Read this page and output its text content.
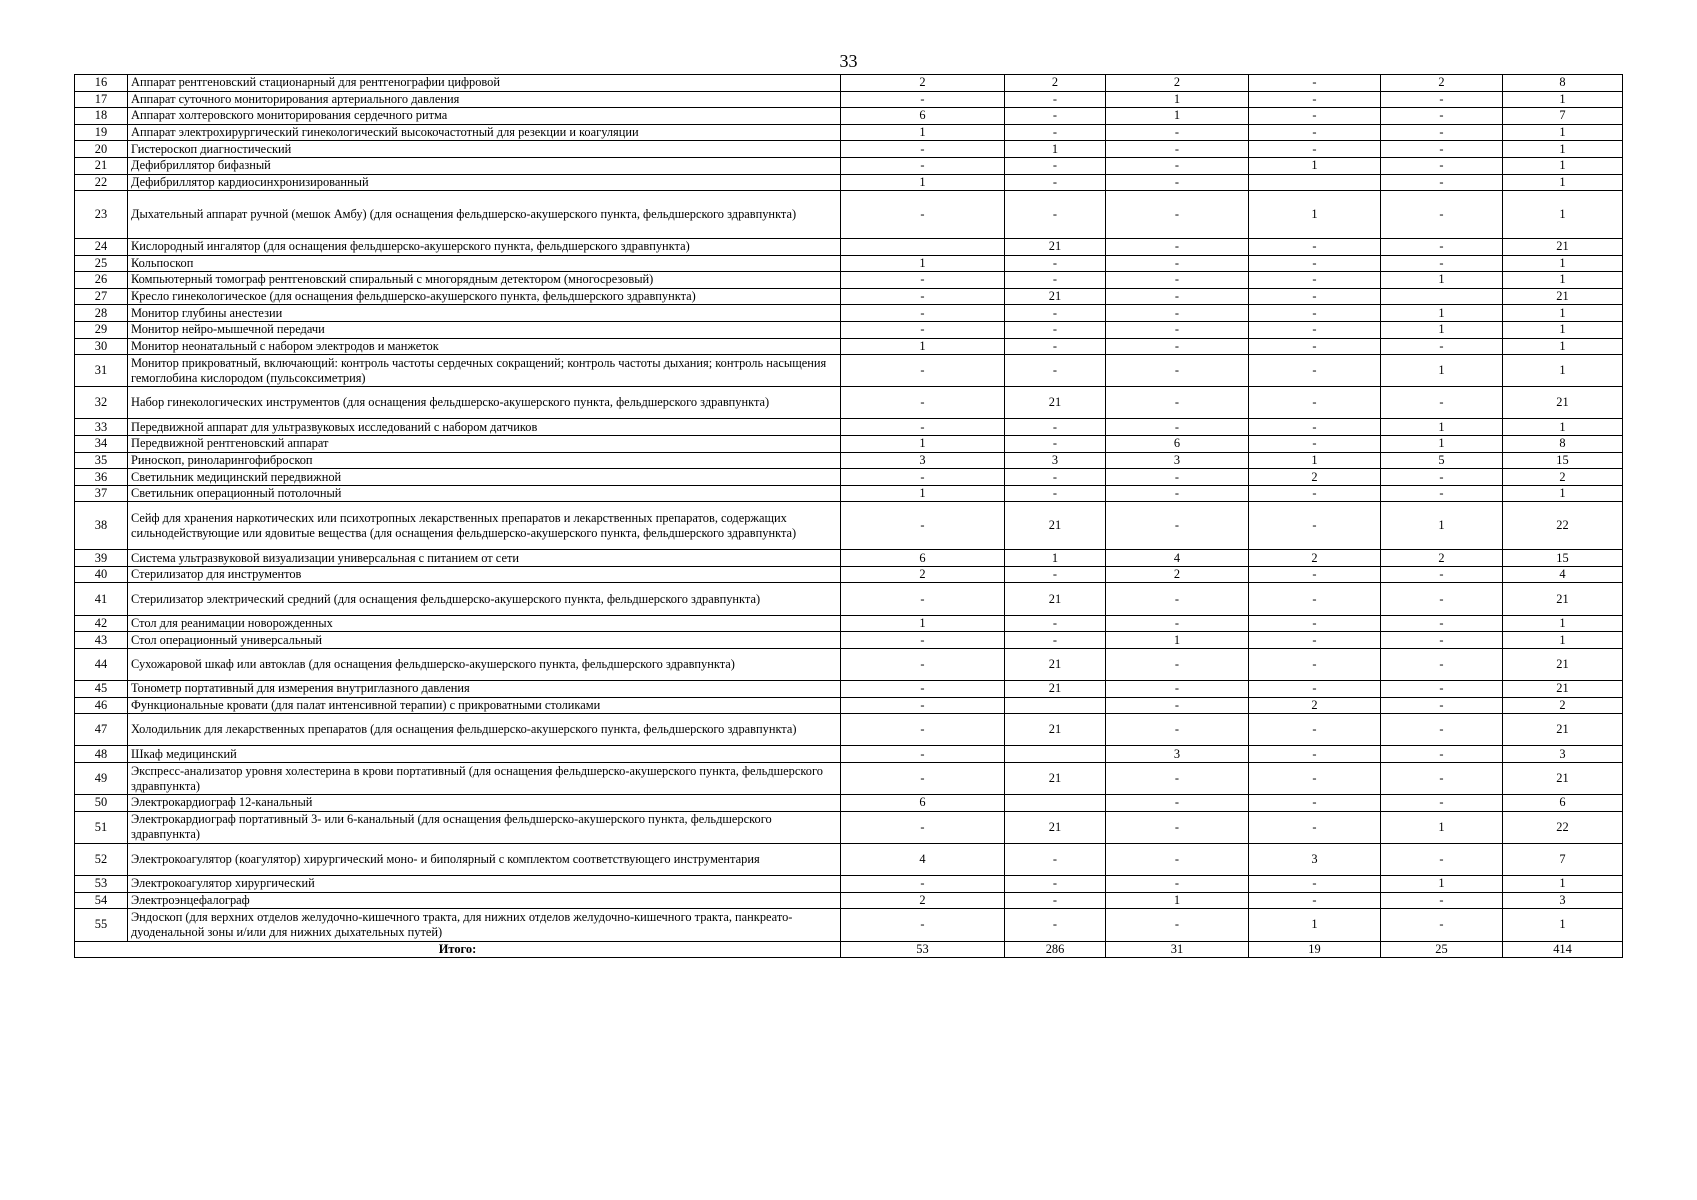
33
16	Аппарат рентгеновский стационарный для рентгенографии цифровой	2	2	2	-	2	8
17	Аппарат суточного мониторирования артериального давления	-	-	1	-	-	1
18	Аппарат холтеровского мониторирования сердечного ритма	6	-	1	-	-	7
19	Аппарат электрохирургический гинекологический высокочастотный для резекции и коагуляции	1	-	-	-	-	1
20	Гистероскоп диагностический	-	1	-	-	-	1
21	Дефибриллятор бифазный	-	-	-	1	-	1
22	Дефибриллятор кардиосинхронизированный	1	-	-		-	1
23	Дыхательный аппарат ручной (мешок Амбу) (для оснащения фельдшерско-акушерского пункта, фельдшерского здравпункта)	-	-	-	1	-	1
24	Кислородный ингалятор (для оснащения фельдшерско-акушерского пункта, фельдшерского здравпункта)		21	-	-	-	21
25	Кольпоскоп	1	-	-	-	-	1
26	Компьютерный томограф рентгеновский спиральный с многорядным детектором (многосрезовый)	-	-	-	-	1	1
27	Кресло гинекологическое (для оснащения фельдшерско-акушерского пункта, фельдшерского здравпункта)	-	21	-	-		21
28	Монитор глубины анестезии	-	-	-	-	1	1
29	Монитор нейро-мышечной передачи	-	-	-	-	1	1
30	Монитор неонатальный с набором электродов и манжеток	1	-	-	-	-	1
31	Монитор прикроватный, включающий: контроль частоты сердечных сокращений; контроль частоты дыхания; контроль насыщения гемоглобина кислородом (пульсоксиметрия)	-	-	-	-	1	1
32	Набор гинекологических инструментов (для оснащения фельдшерско-акушерского пункта, фельдшерского здравпункта)	-	21	-	-	-	21
33	Передвижной аппарат для ультразвуковых исследований с набором датчиков	-	-	-	-	1	1
34	Передвижной рентгеновский аппарат	1	-	6	-	1	8
35	Риноскоп, риноларингофиброскоп	3	3	3	1	5	15
36	Светильник медицинский передвижной	-	-	-	2	-	2
37	Светильник операционный потолочный	1	-	-	-	-	1
38	Сейф для хранения наркотических или психотропных лекарственных препаратов и лекарственных препаратов, содержащих сильнодействующие или ядовитые вещества (для оснащения фельдшерско-акушерского пункта, фельдшерского здравпункта)	-	21	-	-	1	22
39	Система ультразвуковой визуализации универсальная с питанием от сети	6	1	4	2	2	15
40	Стерилизатор для инструментов	2	-	2	-	-	4
41	Стерилизатор электрический средний (для оснащения фельдшерско-акушерского пункта, фельдшерского здравпункта)	-	21	-	-	-	21
42	Стол для реанимации новорожденных	1	-	-	-	-	1
43	Стол операционный универсальный	-	-	1	-	-	1
44	Сухожаровой шкаф или автоклав (для оснащения фельдшерско-акушерского пункта, фельдшерского здравпункта)	-	21	-	-	-	21
45	Тонометр портативный для измерения внутриглазного давления	-	21	-	-	-	21
46	Функциональные кровати (для палат интенсивной терапии) с прикроватными столиками	-		-	2	-	2
47	Холодильник для лекарственных препаратов (для оснащения фельдшерско-акушерского пункта, фельдшерского здравпункта)	-	21	-	-	-	21
48	Шкаф медицинский	-		3	-	-	3
49	Экспресс-анализатор уровня холестерина в крови портативный (для оснащения фельдшерско-акушерского пункта, фельдшерского здравпункта)	-	21	-	-	-	21
50	Электрокардиограф 12-канальный	6		-	-	-	6
51	Электрокардиограф портативный 3- или 6-канальный (для оснащения фельдшерско-акушерского пункта, фельдшерского здравпункта)	-	21	-	-	1	22
52	Электрокоагулятор (коагулятор) хирургический моно- и биполярный с комплектом соответствующего инструментария	4	-	-	3	-	7
53	Электрокоагулятор хирургический	-	-	-	-	1	1
54	Электроэнцефалограф	2	-	1	-	-	3
55	Эндоскоп (для верхних отделов желудочно-кишечного тракта, для нижних отделов желудочно-кишечного тракта, панкреато-дуоденальной зоны и/или для нижних дыхательных путей)	-	-	-	1	-	1
Итого:		53	286	31	19	25	414
